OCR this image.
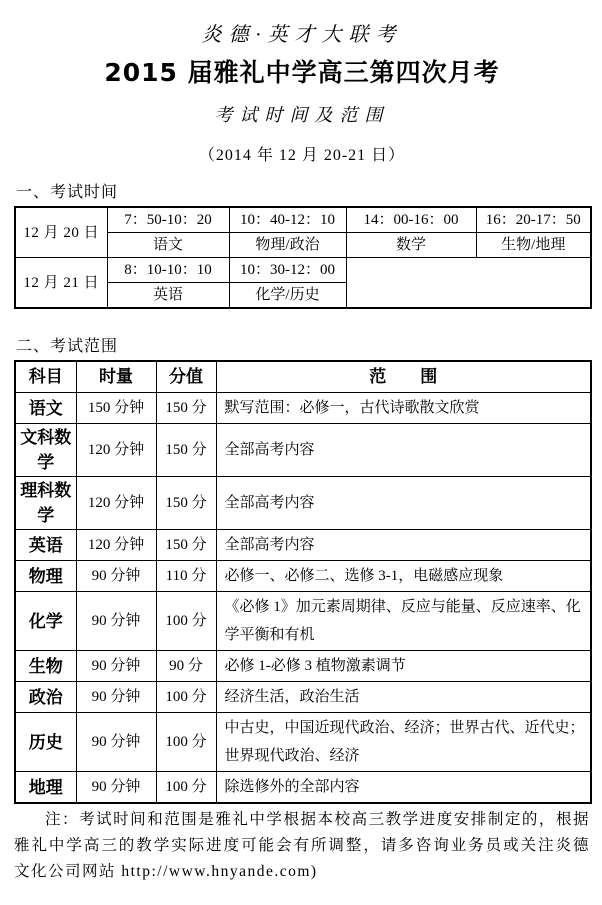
炎德·英才大联考
2015 届雅礼中学高三第四次月考
考试时间及范围
（2014 年 12 月 20-21 日）
一、考试时间
12 月 20 日	7：50-10：20	10：40-12：10	14：00-16：00	16：20-17：50
	语文	物理/政治	数学	生物/地理
12 月 21 日	8：10-10：10	10：30-12：00		
	英语	化学/历史		
二、考试范围
科目	时量	分值	范　　围
语文	150 分钟	150 分	默写范围：必修一，古代诗歌散文欣赏
文科数学	120 分钟	150 分	全部高考内容
理科数学	120 分钟	150 分	全部高考内容
英语	120 分钟	150 分	全部高考内容
物理	90 分钟	110 分	必修一、必修二、选修 3-1，电磁感应现象
化学	90 分钟	100 分	《必修 1》加元素周期律、反应与能量、反应速率、化学平衡和有机
生物	90 分钟	90 分	必修 1-必修 3 植物激素调节
政治	90 分钟	100 分	经济生活，政治生活
历史	90 分钟	100 分	中古史，中国近现代政治、经济；世界古代、近代史；世界现代政治、经济
地理	90 分钟	100 分	除选修外的全部内容

注：考试时间和范围是雅礼中学根据本校高三教学进度安排制定的，根据雅礼中学高三的教学实际进度可能会有所调整，请多咨询业务员或关注炎德文化公司网站 http://www.hnyande.com)
